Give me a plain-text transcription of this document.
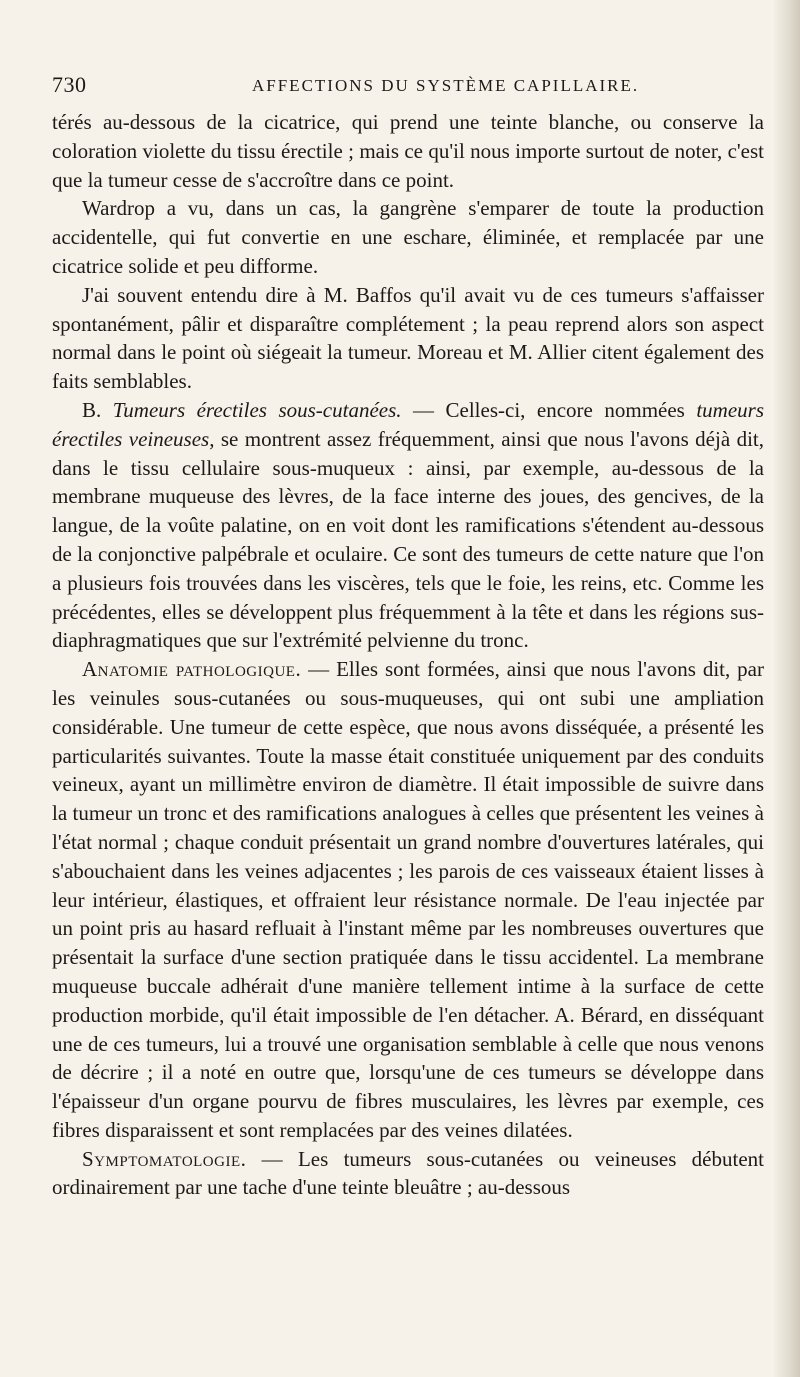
730	AFFECTIONS DU SYSTÈME CAPILLAIRE.

térés au-dessous de la cicatrice, qui prend une teinte blanche, ou conserve la coloration violette du tissu érectile ; mais ce qu'il nous importe surtout de noter, c'est que la tumeur cesse de s'accroître dans ce point.

Wardrop a vu, dans un cas, la gangrène s'emparer de toute la production accidentelle, qui fut convertie en une eschare, éliminée, et remplacée par une cicatrice solide et peu difforme.

J'ai souvent entendu dire à M. Baffos qu'il avait vu de ces tumeurs s'affaisser spontanément, pâlir et disparaître complétement ; la peau reprend alors son aspect normal dans le point où siégeait la tumeur. Moreau et M. Allier citent également des faits semblables.

B. Tumeurs érectiles sous-cutanées. — Celles-ci, encore nommées tumeurs érectiles veineuses, se montrent assez fréquemment, ainsi que nous l'avons déjà dit, dans le tissu cellulaire sous-muqueux : ainsi, par exemple, au-dessous de la membrane muqueuse des lèvres, de la face interne des joues, des gencives, de la langue, de la voûte palatine, on en voit dont les ramifications s'étendent au-dessous de la conjonctive palpébrale et oculaire. Ce sont des tumeurs de cette nature que l'on a plusieurs fois trouvées dans les viscères, tels que le foie, les reins, etc. Comme les précédentes, elles se développent plus fréquemment à la tête et dans les régions sus-diaphragmatiques que sur l'extrémité pelvienne du tronc.

Anatomie pathologique. — Elles sont formées, ainsi que nous l'avons dit, par les veinules sous-cutanées ou sous-muqueuses, qui ont subi une ampliation considérable. Une tumeur de cette espèce, que nous avons disséquée, a présenté les particularités suivantes. Toute la masse était constituée uniquement par des conduits veineux, ayant un millimètre environ de diamètre. Il était impossible de suivre dans la tumeur un tronc et des ramifications analogues à celles que présentent les veines à l'état normal ; chaque conduit présentait un grand nombre d'ouvertures latérales, qui s'abouchaient dans les veines adjacentes ; les parois de ces vaisseaux étaient lisses à leur intérieur, élastiques, et offraient leur résistance normale. De l'eau injectée par un point pris au hasard refluait à l'instant même par les nombreuses ouvertures que présentait la surface d'une section pratiquée dans le tissu accidentel. La membrane muqueuse buccale adhérait d'une manière tellement intime à la surface de cette production morbide, qu'il était impossible de l'en détacher. A. Bérard, en disséquant une de ces tumeurs, lui a trouvé une organisation semblable à celle que nous venons de décrire ; il a noté en outre que, lorsqu'une de ces tumeurs se développe dans l'épaisseur d'un organe pourvu de fibres musculaires, les lèvres par exemple, ces fibres disparaissent et sont remplacées par des veines dilatées.

Symptomatologie. — Les tumeurs sous-cutanées ou veineuses débutent ordinairement par une tache d'une teinte bleuâtre ; au-dessous
